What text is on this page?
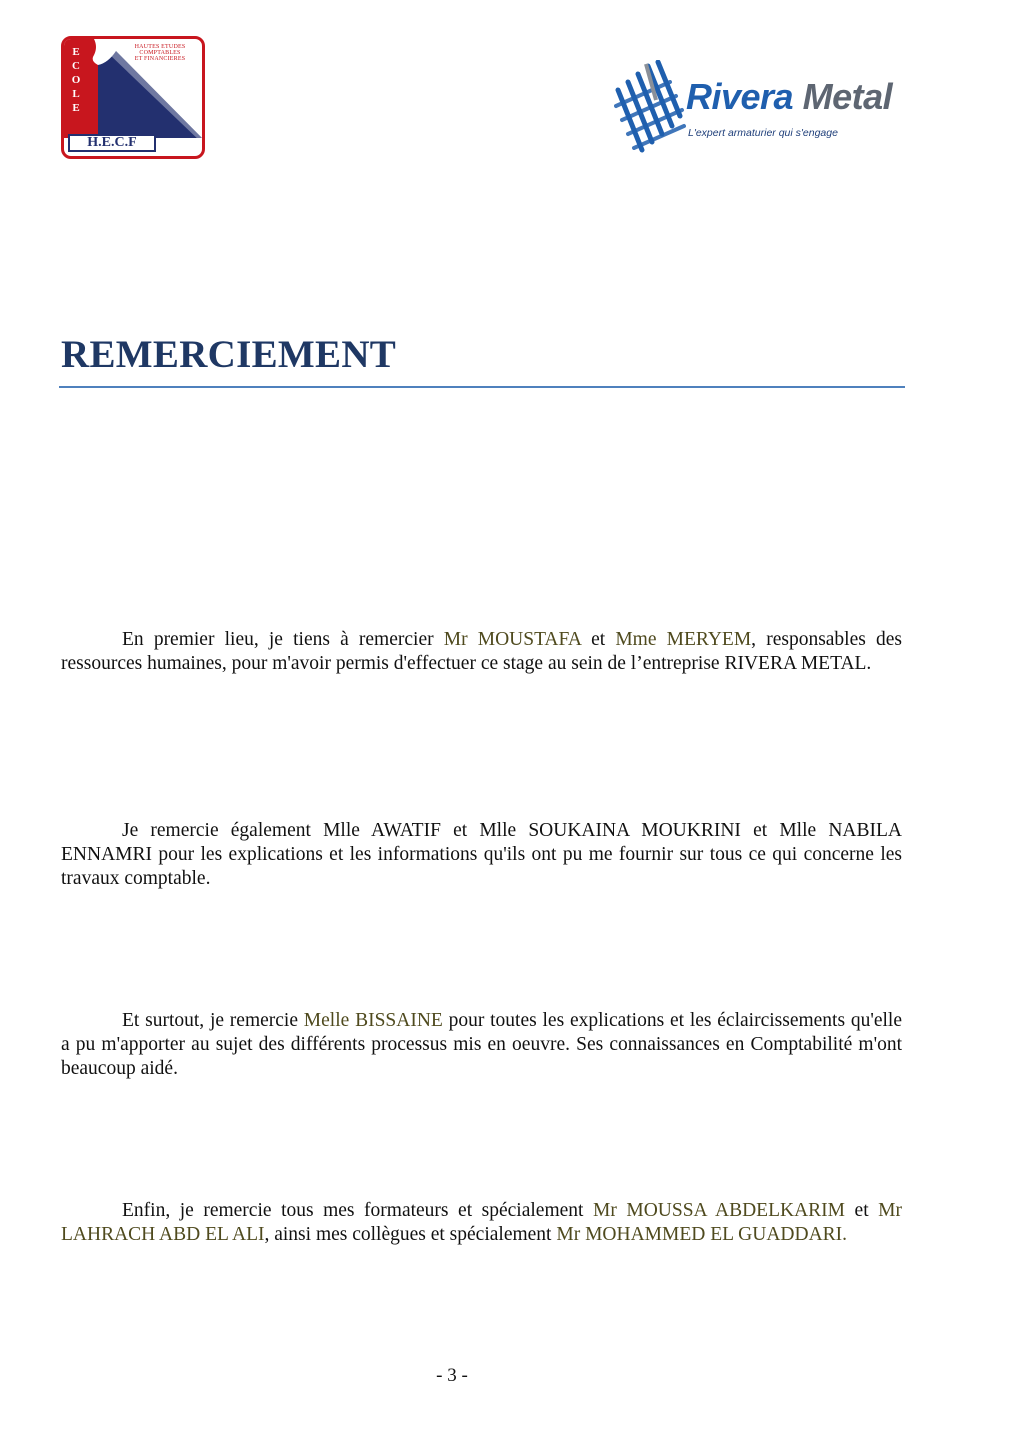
E
C
O
L
E
HAUTES ETUDES
COMPTABLES
ET FINANCIERES
H.E.C.F
Rivera Metal
L'expert armaturier qui s'engage
REMERCIEMENT

En premier lieu, je tiens à remercier Mr MOUSTAFA et Mme MERYEM, responsables des ressources humaines, pour m'avoir permis d'effectuer ce stage au sein de l’entreprise RIVERA METAL.

Je remercie également Mlle AWATIF et Mlle SOUKAINA MOUKRINI et Mlle NABILA ENNAMRI pour les explications et les informations qu'ils ont pu me fournir sur tous ce qui concerne les travaux comptable.

Et surtout, je remercie Melle BISSAINE pour toutes les explications et les éclaircissements qu'elle a pu m'apporter au sujet des différents processus mis en oeuvre. Ses connaissances en Comptabilité m'ont beaucoup aidé.

Enfin, je remercie tous mes formateurs et spécialement Mr MOUSSA ABDELKARIM et Mr LAHRACH ABD EL ALI, ainsi mes collègues et spécialement Mr MOHAMMED EL GUADDARI.

- 3 -
